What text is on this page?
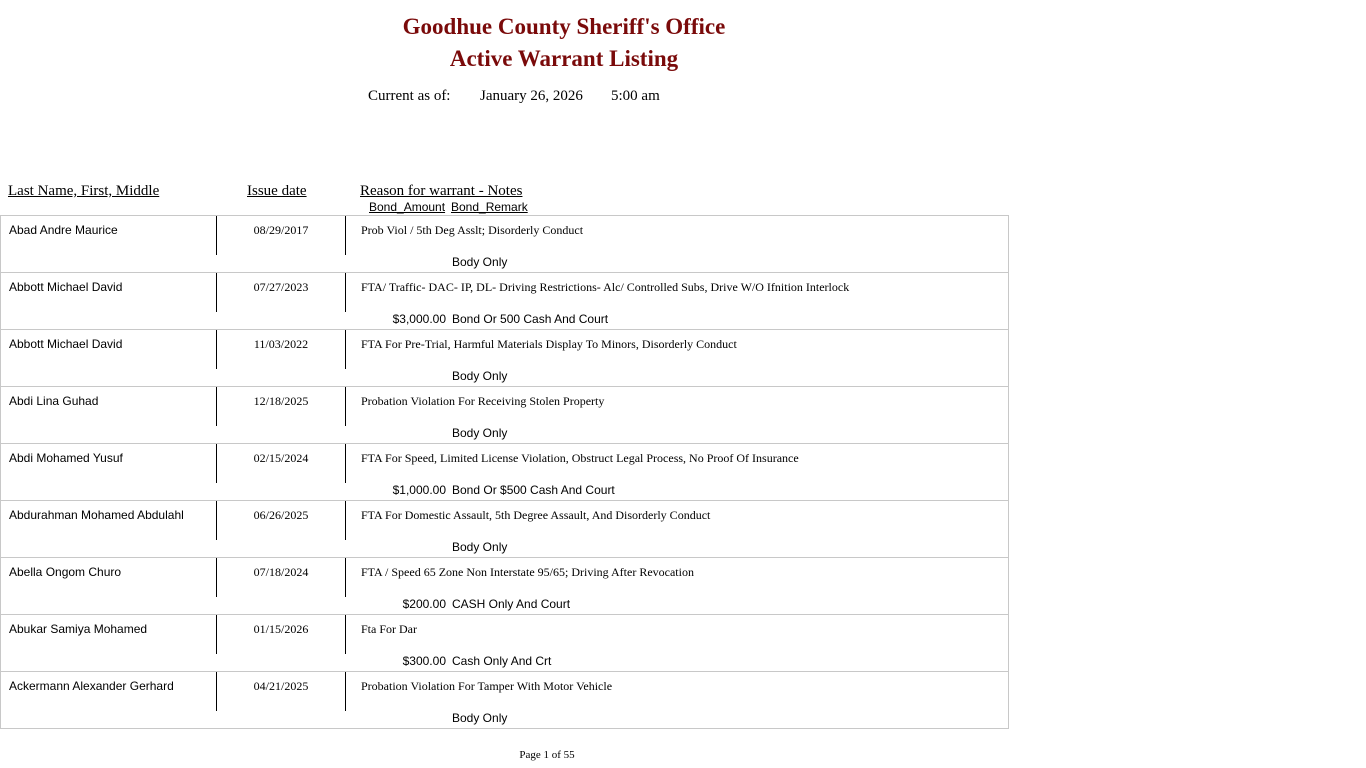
Goodhue County Sheriff's Office
Active Warrant Listing
Current as of: January 26, 2026 5:00 am
Last Name, First, Middle	Issue date	Reason for warrant - Notes
Bond_Amount Bond_Remark
Abad Andre Maurice	08/29/2017	Prob Viol / 5th Deg Asslt; Disorderly Conduct
Body Only
Abbott Michael David	07/27/2023	FTA/ Traffic- DAC- IP, DL- Driving Restrictions- Alc/ Controlled Subs, Drive W/O Ifnition Interlock
$3,000.00 Bond Or 500 Cash And Court
Abbott Michael David	11/03/2022	FTA For Pre-Trial, Harmful Materials Display To Minors, Disorderly Conduct
Body Only
Abdi Lina Guhad	12/18/2025	Probation Violation For Receiving Stolen Property
Body Only
Abdi Mohamed Yusuf	02/15/2024	FTA For Speed, Limited License Violation, Obstruct Legal Process, No Proof Of Insurance
$1,000.00 Bond Or $500 Cash And Court
Abdurahman Mohamed Abdulahl	06/26/2025	FTA For Domestic Assault, 5th Degree Assault, And Disorderly Conduct
Body Only
Abella Ongom Churo	07/18/2024	FTA / Speed 65 Zone Non Interstate 95/65; Driving After Revocation
$200.00 CASH Only And Court
Abukar Samiya Mohamed	01/15/2026	Fta For Dar
$300.00 Cash Only And Crt
Ackermann Alexander Gerhard	04/21/2025	Probation Violation For Tamper With Motor Vehicle
Body Only
Page 1 of 55
